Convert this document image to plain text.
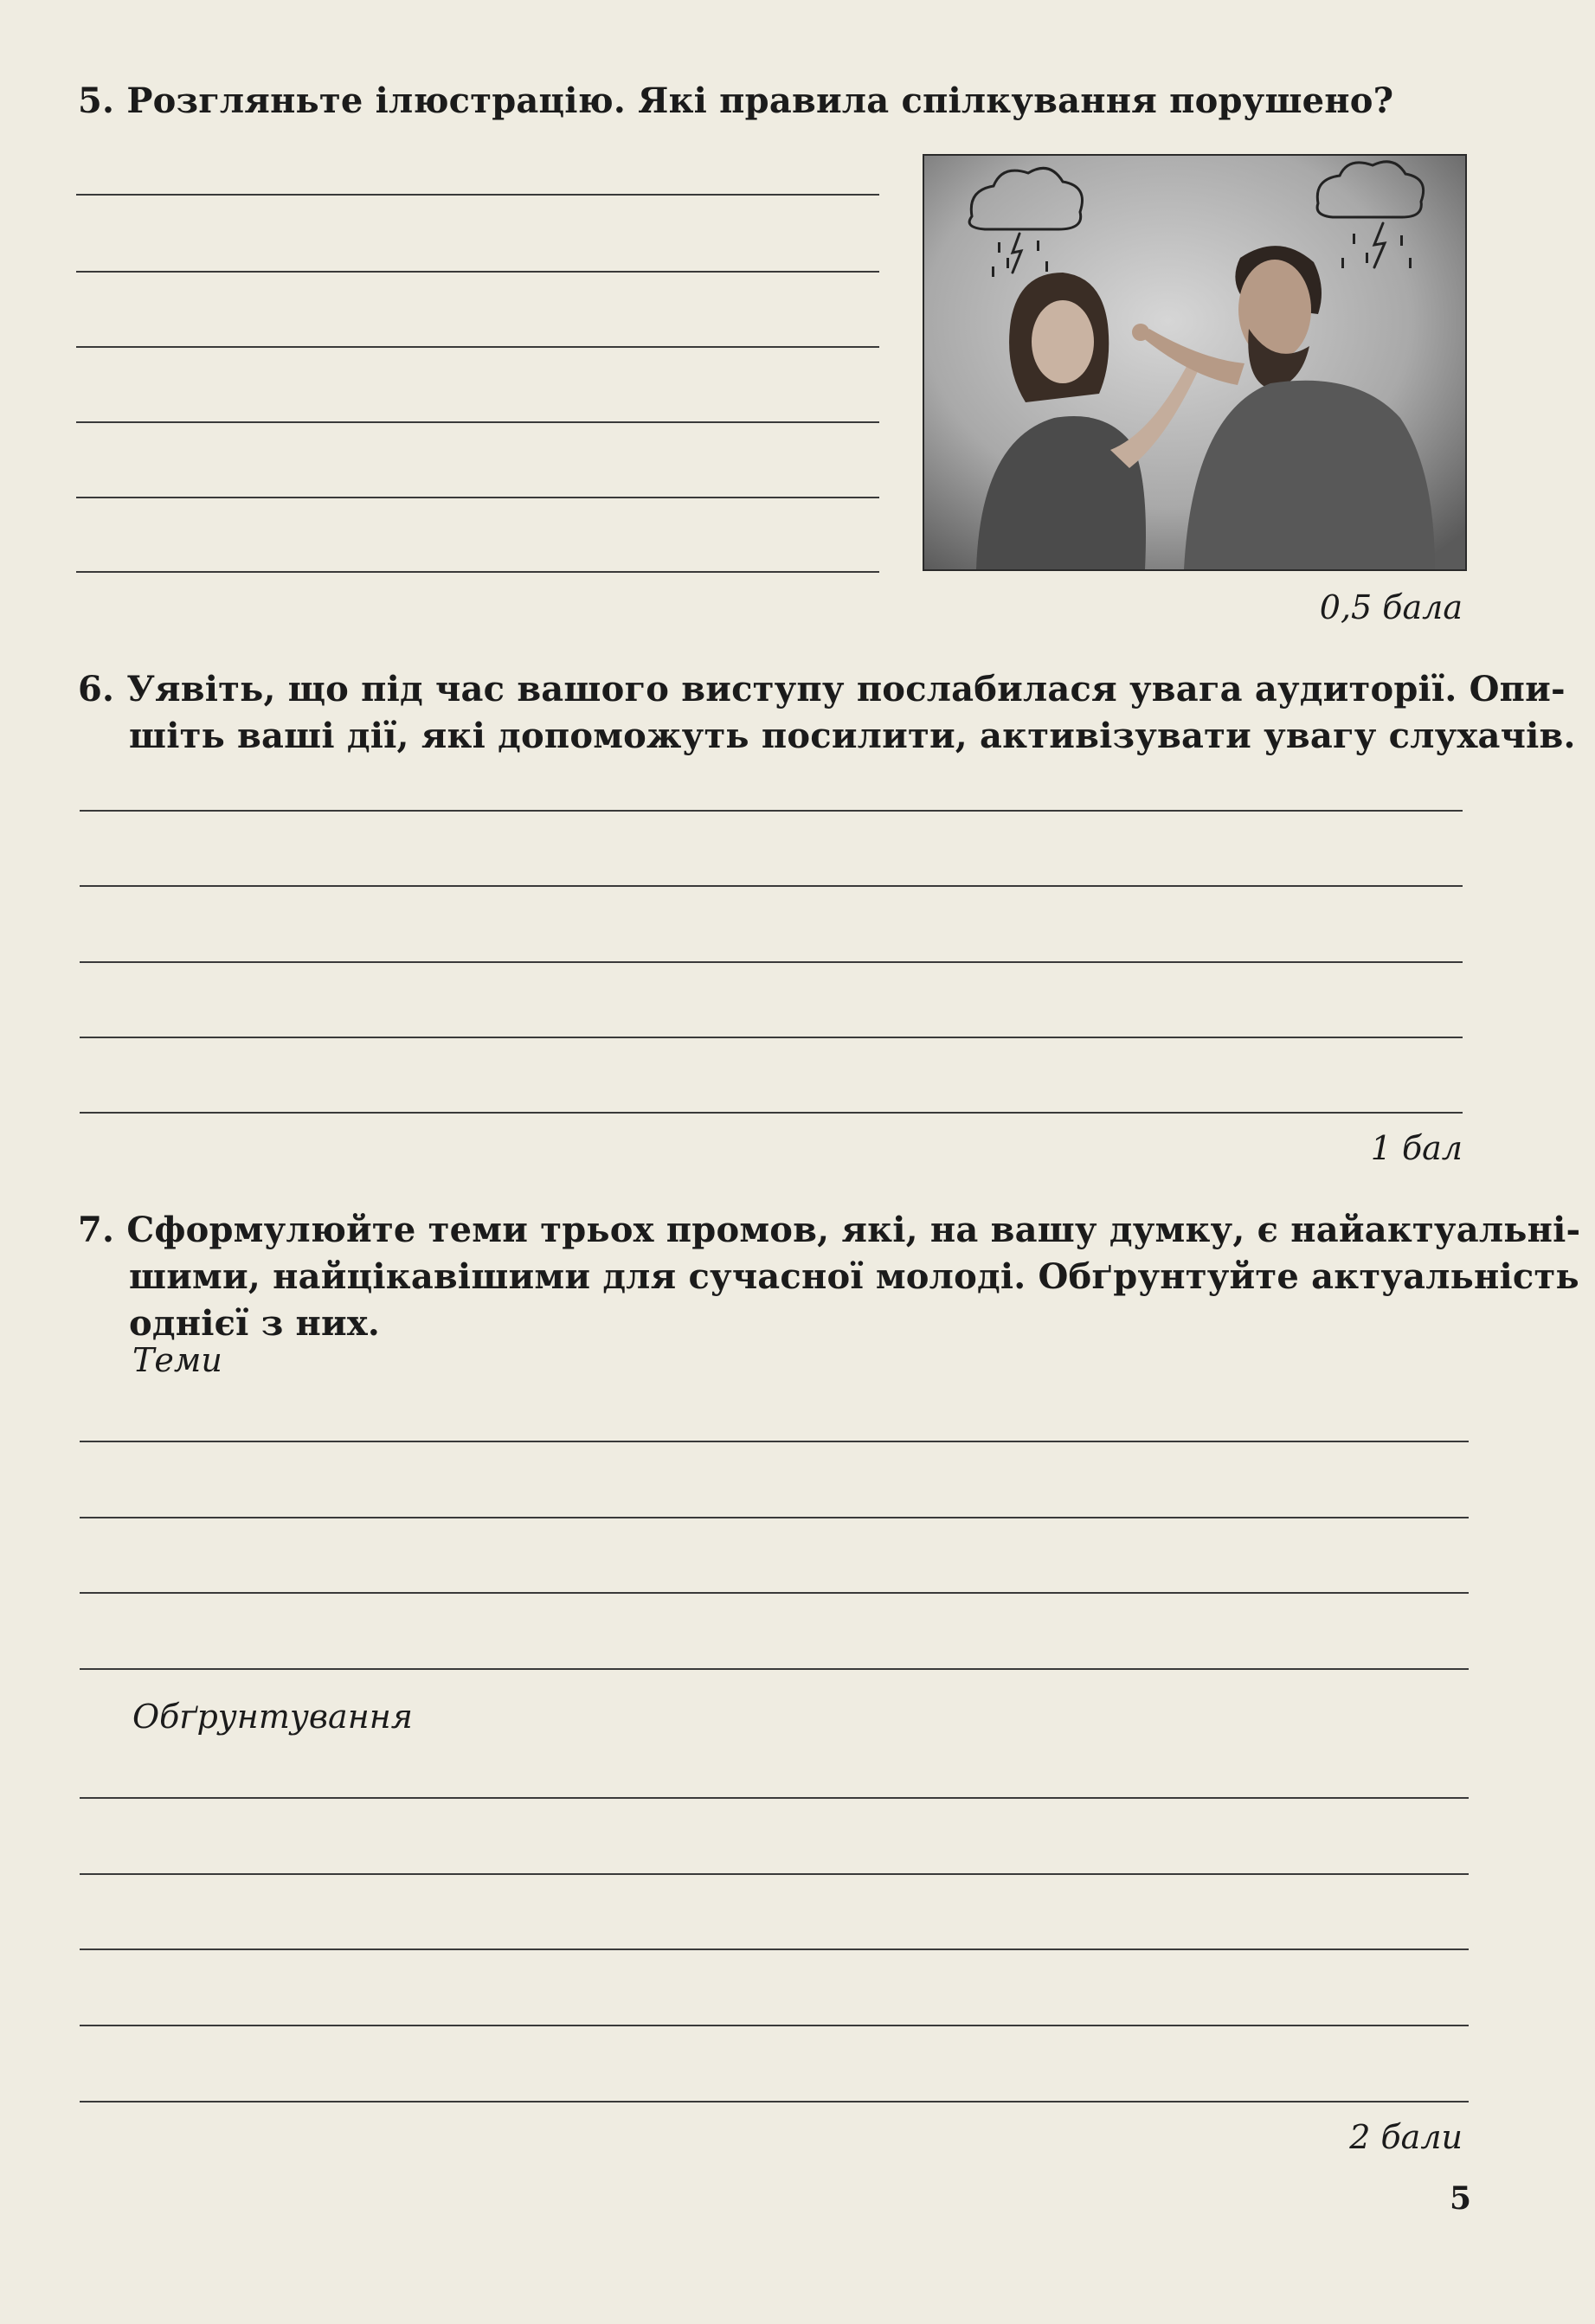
5. Розгляньте ілюстрацію. Які правила спілкування порушено?
0,5 бала
6. Уявіть, що під час вашого виступу послабилася увага аудиторії. Опи-
шіть ваші дії, які допоможуть посилити, активізувати увагу слухачів.
1 бал
7. Сформулюйте теми трьох промов, які, на вашу думку, є найактуальні-
шими, найцікавішими для сучасної молоді. Обґрунтуйте актуальність
однієї з них.
Теми
Обґрунтування
2 бали
5
